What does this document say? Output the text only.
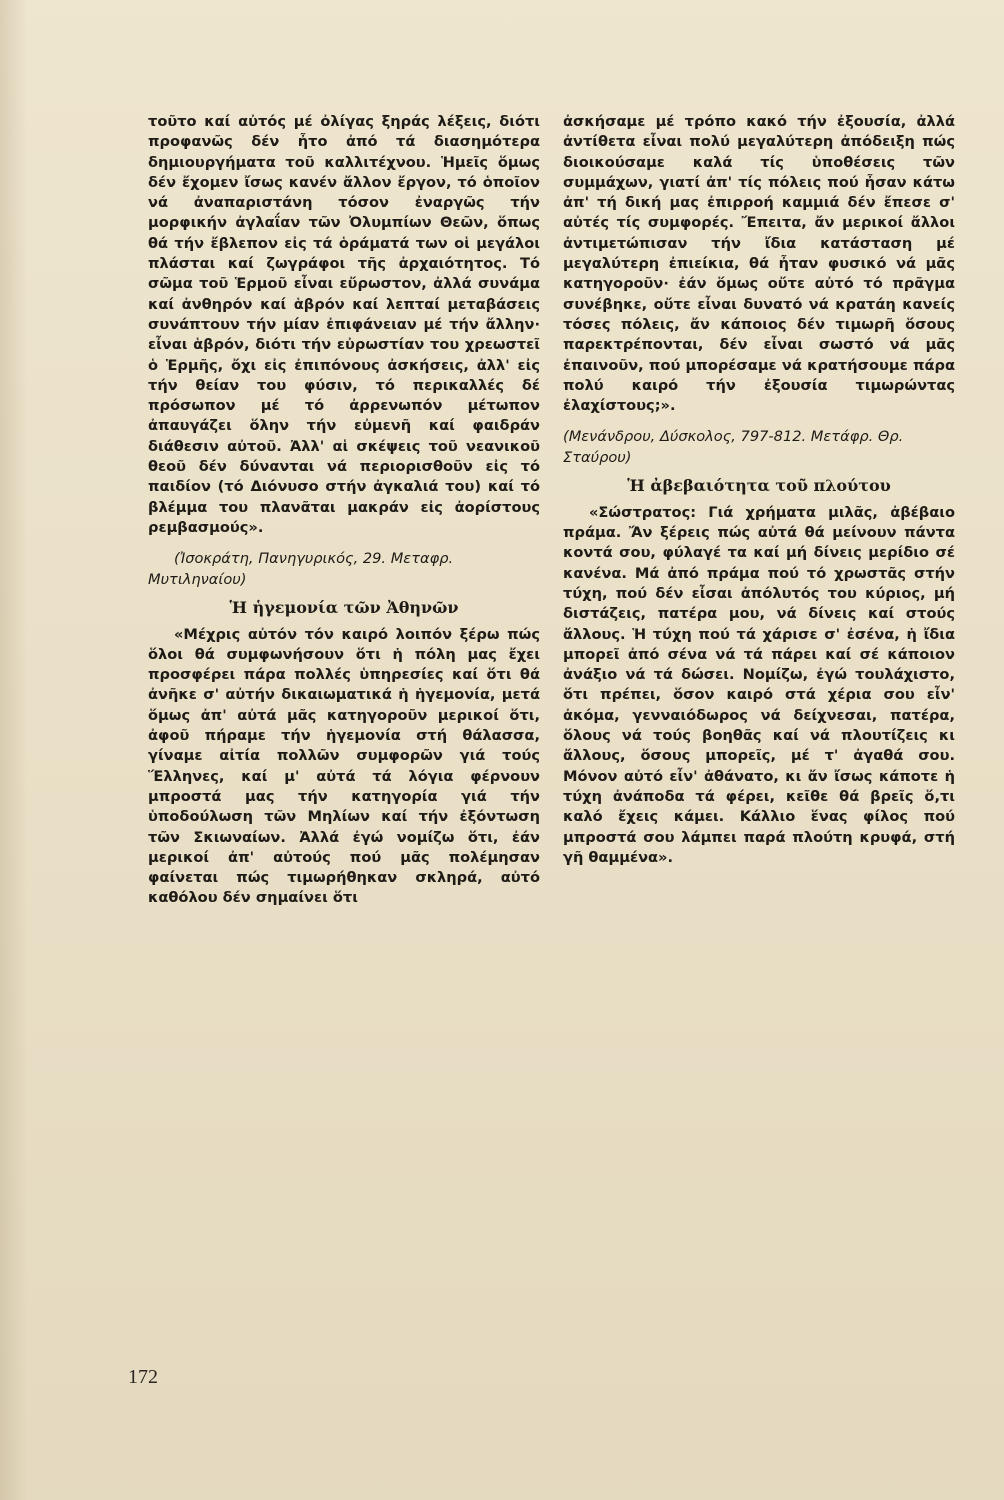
τοῦτο καί αὐτός μέ ὀλίγας ξηράς λέξεις, διότι προφανῶς δέν ἦτο ἀπό τά διασημότερα δημιουργήματα τοῦ καλλιτέχνου. Ἡμεῖς ὅμως δέν ἔχομεν ἴσως κανέν ἄλλον ἔργον, τό ὁποῖον νά ἀναπαριστάνη τόσον ἐναργῶς τήν μορφικήν ἀγλαΐαν τῶν Ὀλυμπίων Θεῶν, ὅπως θά τήν ἔβλεπον εἰς τά ὁράματά των οἱ μεγάλοι πλάσται καί ζωγράφοι τῆς ἀρχαιότητος. Τό σῶμα τοῦ Ἑρμοῦ εἶναι εὔρωστον, ἀλλά συνάμα καί ἀνθηρόν καί ἁβρόν καί λεπταί μεταβάσεις συνάπτουν τήν μίαν ἐπιφάνειαν μέ τήν ἄλλην· εἶναι ἁβρόν, διότι τήν εὐρωστίαν του χρεωστεῖ ὁ Ἑρμῆς, ὄχι εἰς ἐπιπόνους ἀσκήσεις, ἀλλ' εἰς τήν θείαν του φύσιν, τό περικαλλές δέ πρόσωπον μέ τό ἀρρενωπόν μέτωπον ἀπαυγάζει ὅλην τήν εὐμενῆ καί φαιδράν διάθεσιν αὐτοῦ. Ἀλλ' αἱ σκέψεις τοῦ νεανικοῦ θεοῦ δέν δύνανται νά περιορισθοῦν εἰς τό παιδίον (τό Διόνυσο στήν ἀγκαλιά του) καί τό βλέμμα του πλανᾶται μακράν εἰς ἀορίστους ρεμβασμούς».

(Ἰσοκράτη, Πανηγυρικός, 29. Μεταφρ. Μυτιληναίου)

Ἡ ἡγεμονία τῶν Ἀθηνῶν

«Μέχρις αὐτόν τόν καιρό λοιπόν ξέρω πώς ὅλοι θά συμφωνήσουν ὅτι ἡ πόλη μας ἔχει προσφέρει πάρα πολλές ὑπηρεσίες καί ὅτι θά ἀνῆκε σ' αὐτήν δικαιωματικά ἡ ἡγεμονία, μετά ὅμως ἀπ' αὐτά μᾶς κατηγοροῦν μερικοί ὅτι, ἀφοῦ πήραμε τήν ἡγεμονία στή θάλασσα, γίναμε αἰτία πολλῶν συμφορῶν γιά τούς Ἕλληνες, καί μ' αὐτά τά λόγια φέρνουν μπροστά μας τήν κατηγορία γιά τήν ὑποδούλωση τῶν Μηλίων καί τήν ἐξόντωση τῶν Σκιωναίων. Ἀλλά ἐγώ νομίζω ὅτι, ἐάν μερικοί ἀπ' αὐτούς πού μᾶς πολέμησαν φαίνεται πώς τιμωρήθηκαν σκληρά, αὐτό καθόλου δέν σημαίνει ὅτι

ἀσκήσαμε μέ τρόπο κακό τήν ἐξουσία, ἀλλά ἀντίθετα εἶναι πολύ μεγαλύτερη ἀπόδειξη πώς διοικούσαμε καλά τίς ὑποθέσεις τῶν συμμάχων, γιατί ἀπ' τίς πόλεις πού ἦσαν κάτω ἀπ' τή δική μας ἐπιρροή καμμιά δέν ἔπεσε σ' αὐτές τίς συμφορές. Ἔπειτα, ἄν μερικοί ἄλλοι ἀντιμετώπισαν τήν ἴδια κατάσταση μέ μεγαλύτερη ἐπιείκια, θά ἦταν φυσικό νά μᾶς κατηγοροῦν· ἐάν ὅμως οὔτε αὐτό τό πρᾶγμα συνέβηκε, οὔτε εἶναι δυνατό νά κρατάη κανείς τόσες πόλεις, ἄν κάποιος δέν τιμωρῆ ὅσους παρεκτρέπονται, δέν εἶναι σωστό νά μᾶς ἐπαινοῦν, πού μπορέσαμε νά κρατήσουμε πάρα πολύ καιρό τήν ἐξουσία τιμωρώντας ἐλαχίστους;».

(Μενάνδρου, Δύσκολος, 797-812. Μετάφρ. Θρ. Σταύρου)

Ἡ ἀβεβαιότητα τοῦ πλούτου

«Σώστρατος: Γιά χρήματα μιλᾶς, ἀβέβαιο πράμα. Ἄν ξέρεις πώς αὐτά θά μείνουν πάντα κοντά σου, φύλαγέ τα καί μή δίνεις μερίδιο σέ κανένα. Μά ἀπό πράμα πού τό χρωστᾶς στήν τύχη, πού δέν εἶσαι ἀπόλυτός του κύριος, μή διστάζεις, πατέρα μου, νά δίνεις καί στούς ἄλλους. Ἡ τύχη πού τά χάρισε σ' ἐσένα, ἡ ἴδια μπορεῖ ἀπό σένα νά τά πάρει καί σέ κάποιον ἀνάξιο νά τά δώσει. Νομίζω, ἐγώ τουλάχιστο, ὅτι πρέπει, ὅσον καιρό στά χέρια σου εἶν' ἀκόμα, γενναιόδωρος νά δείχνεσαι, πατέρα, ὅλους νά τούς βοηθᾶς καί νά πλουτίζεις κι ἄλλους, ὅσους μπορεῖς, μέ τ' ἀγαθά σου. Μόνον αὐτό εἶν' ἀθάνατο, κι ἄν ἴσως κάποτε ἡ τύχη ἀνάποδα τά φέρει, κεῖθε θά βρεῖς ὅ,τι καλό ἔχεις κάμει. Κάλλιο ἕνας φίλος πού μπροστά σου λάμπει παρά πλούτη κρυφά, στή γῆ θαμμένα».

172
